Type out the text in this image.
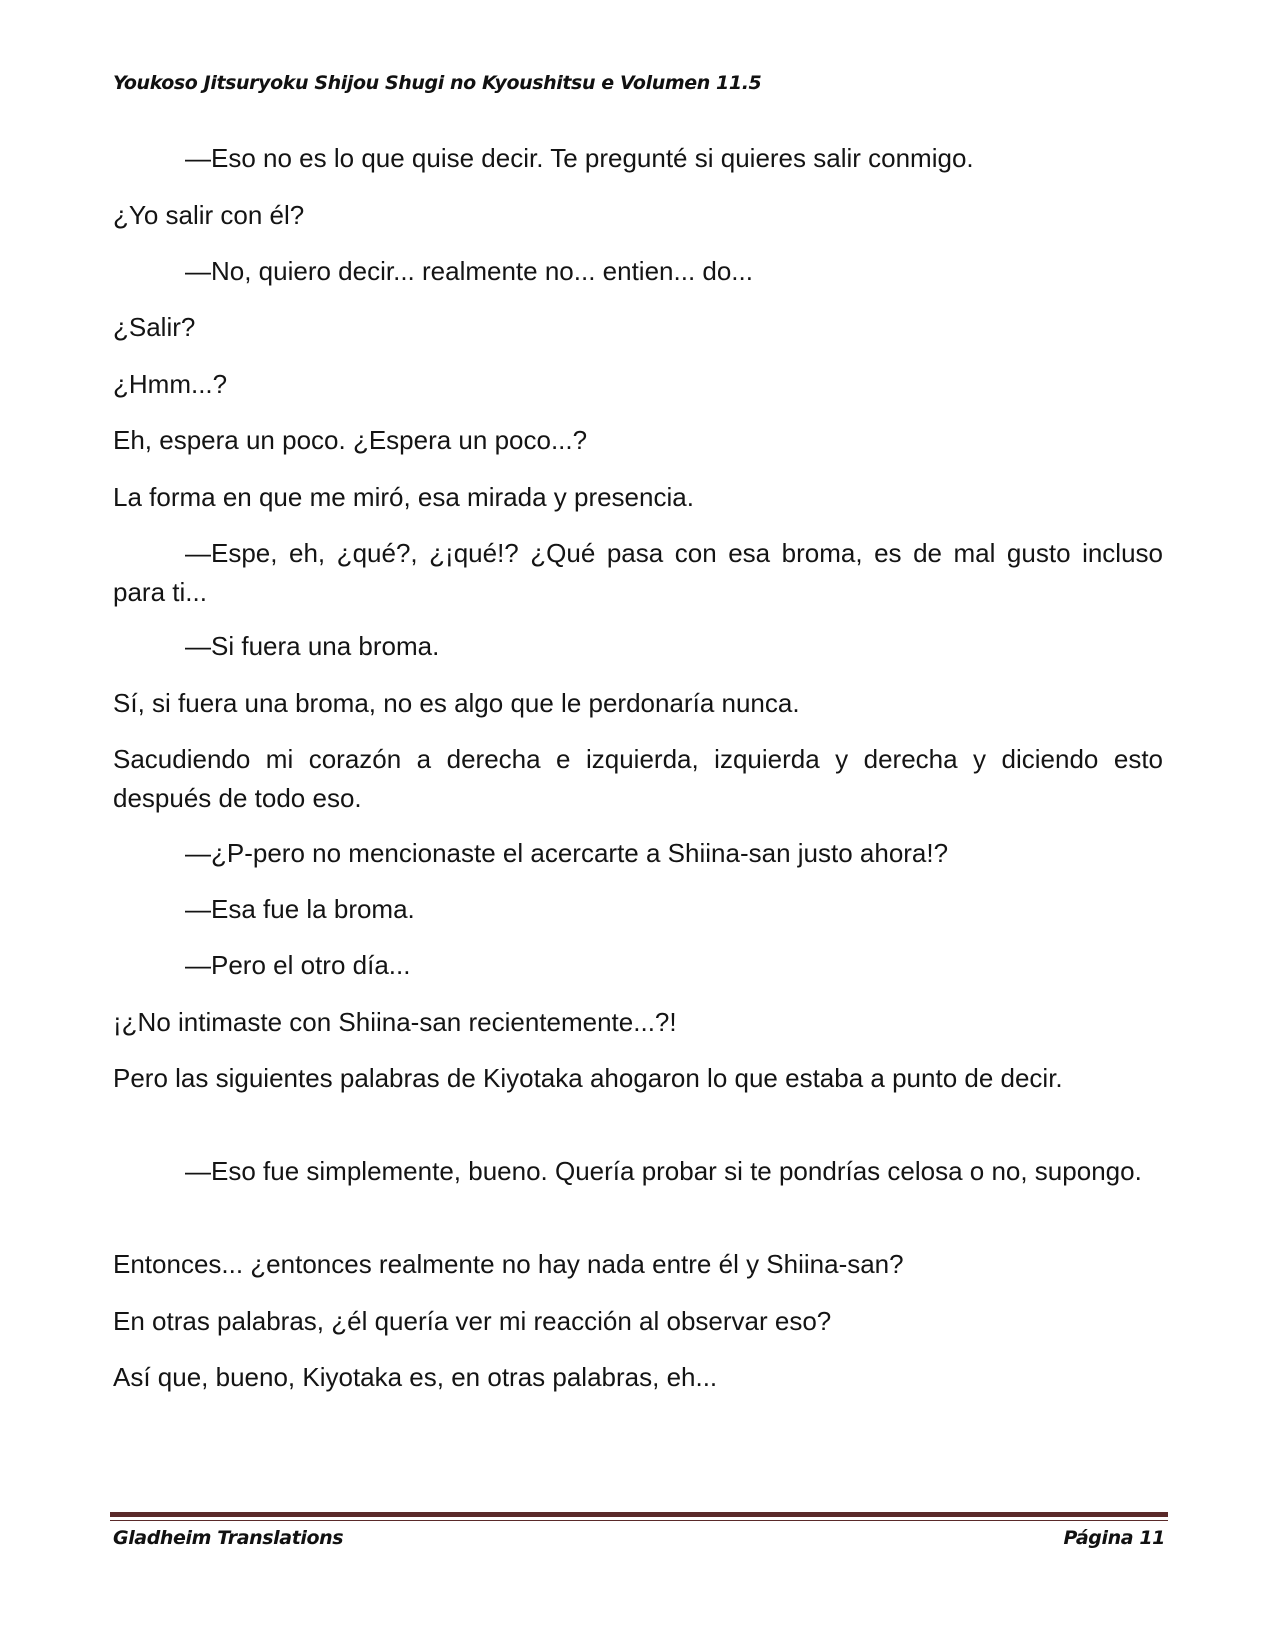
Youkoso Jitsuryoku Shijou Shugi no Kyoushitsu e Volumen 11.5

—Eso no es lo que quise decir. Te pregunté si quieres salir conmigo.

¿Yo salir con él?

—No, quiero decir... realmente no... entien... do...

¿Salir?

¿Hmm...?

Eh, espera un poco. ¿Espera un poco...?

La forma en que me miró, esa mirada y presencia.

—Espe, eh, ¿qué?, ¿¡qué!? ¿Qué pasa con esa broma, es de mal gusto incluso para ti...

—Si fuera una broma.

Sí, si fuera una broma, no es algo que le perdonaría nunca.

Sacudiendo mi corazón a derecha e izquierda, izquierda y derecha y diciendo esto después de todo eso.

—¿P-pero no mencionaste el acercarte a Shiina-san justo ahora!?

—Esa fue la broma.

—Pero el otro día...

¡¿No intimaste con Shiina-san recientemente...?!

Pero las siguientes palabras de Kiyotaka ahogaron lo que estaba a punto de decir.

—Eso fue simplemente, bueno. Quería probar si te pondrías celosa o no, supongo.

Entonces... ¿entonces realmente no hay nada entre él y Shiina-san?

En otras palabras, ¿él quería ver mi reacción al observar eso?

Así que, bueno, Kiyotaka es, en otras palabras, eh...

Gladheim Translations	Página 11
